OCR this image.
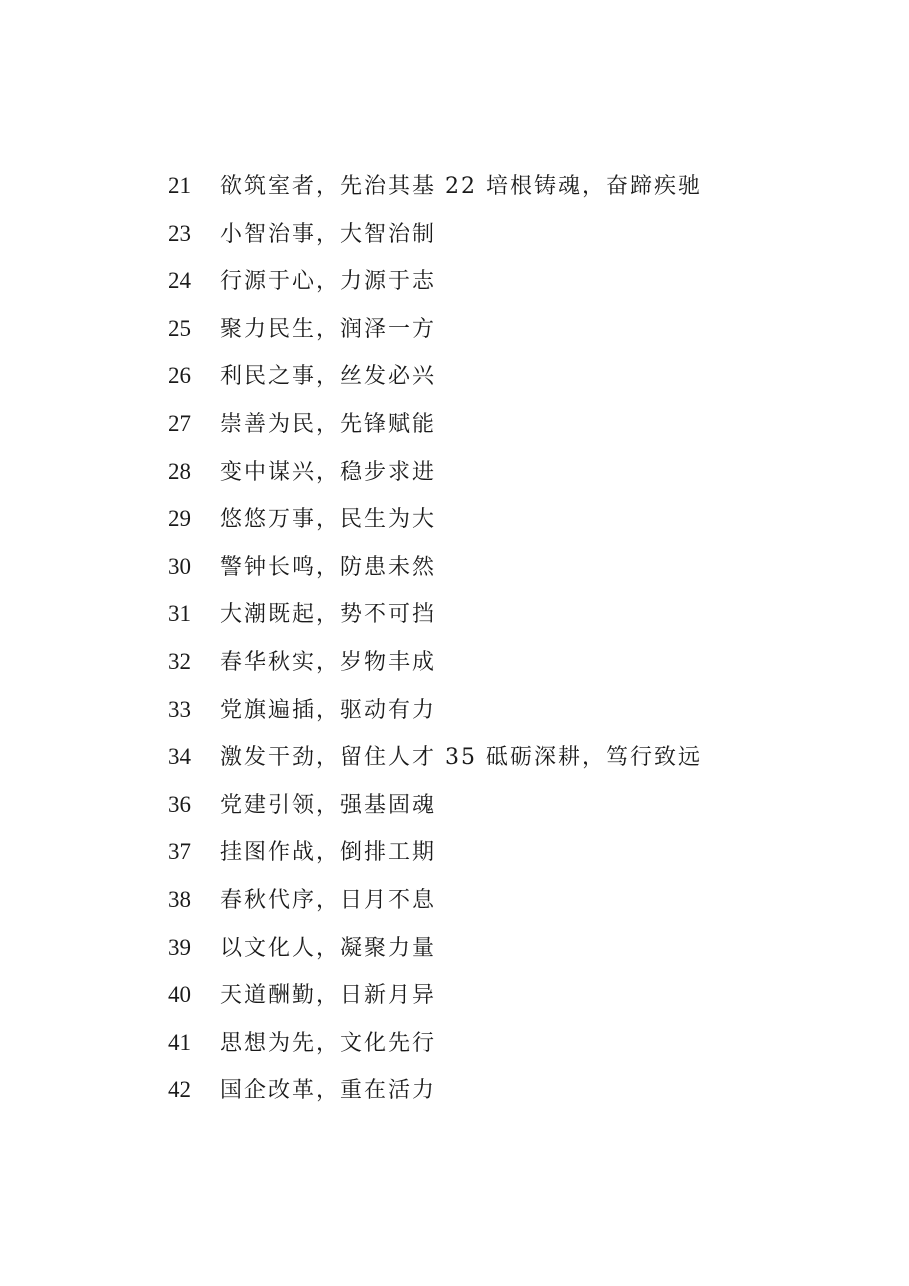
21 欲筑室者，先治其基 22 培根铸魂，奋蹄疾驰
23 小智治事，大智治制
24 行源于心，力源于志
25 聚力民生，润泽一方
26 利民之事，丝发必兴
27 崇善为民，先锋赋能
28 变中谋兴，稳步求进
29 悠悠万事，民生为大
30 警钟长鸣，防患未然
31 大潮既起，势不可挡
32 春华秋实，岁物丰成
33 党旗遍插，驱动有力
34 激发干劲，留住人才 35 砥砺深耕，笃行致远
36 党建引领，强基固魂
37 挂图作战，倒排工期
38 春秋代序，日月不息
39 以文化人，凝聚力量
40 天道酬勤，日新月异
41 思想为先，文化先行
42 国企改革，重在活力
